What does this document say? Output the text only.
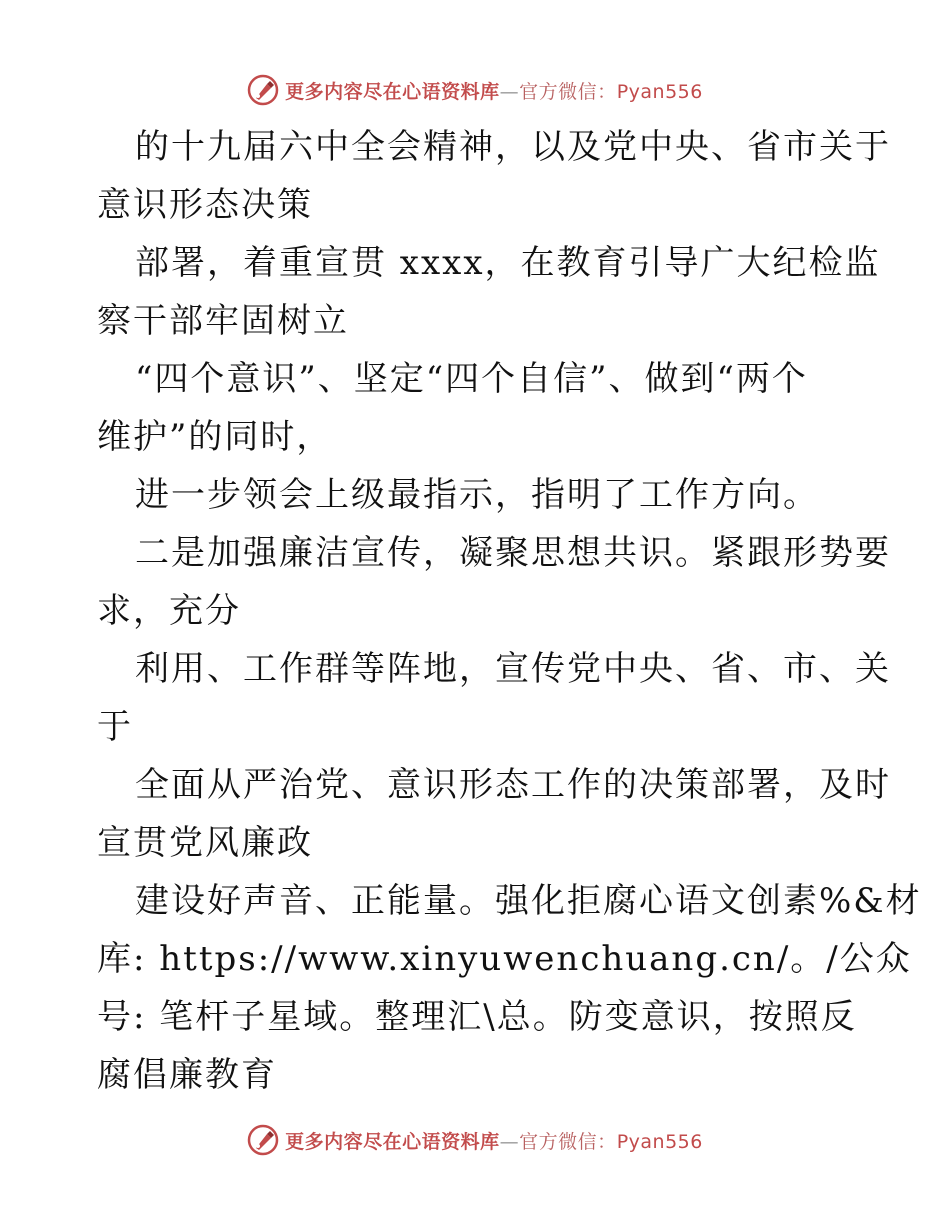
更多内容尽在心语资料库—官方微信：Pyan556

的十九届六中全会精神，以及党中央、省市关于

意识形态决策

部署，着重宣贯 xxxx，在教育引导广大纪检监

察干部牢固树立

“四个意识”、坚定“四个自信”、做到“两个

维护”的同时，

进一步领会上级最指示，指明了工作方向。

二是加强廉洁宣传，凝聚思想共识。紧跟形势要

求，充分

利用、工作群等阵地，宣传党中央、省、市、关

于

全面从严治党、意识形态工作的决策部署，及时

宣贯党风廉政

建设好声音、正能量。强化拒腐心语文创素%&材

库: https://www.xinyuwenchuang.cn/。/公众

号: 笔杆子星域。整理汇\总。防变意识，按照反

腐倡廉教育

更多内容尽在心语资料库—官方微信：Pyan556
